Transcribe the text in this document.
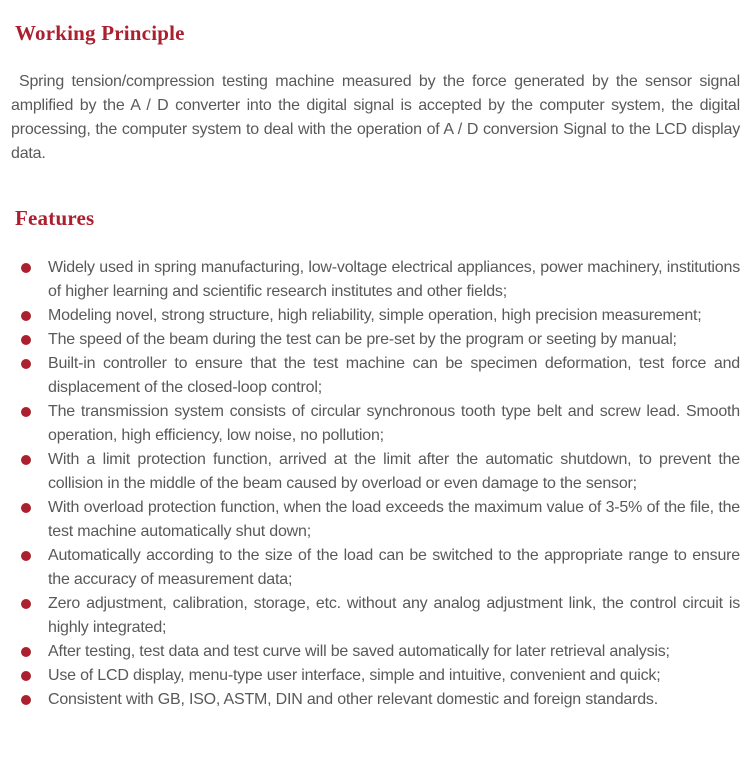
Working Principle

Spring tension/compression testing machine measured by the force generated by the sensor signal amplified by the A / D converter into the digital signal is accepted by the computer system, the digital processing, the computer system to deal with the operation of A / D conversion Signal to the LCD display data.

Features
Widely used in spring manufacturing, low-voltage electrical appliances, power machinery, institutions of higher learning and scientific research institutes and other fields;
Modeling novel, strong structure, high reliability, simple operation, high precision measurement;
The speed of the beam during the test can be pre-set by the program or seeting by manual;
Built-in controller to ensure that the test machine can be specimen deformation, test force and displacement of the closed-loop control;
The transmission system consists of circular synchronous tooth type belt and screw lead. Smooth operation, high efficiency, low noise, no pollution;
With a limit protection function, arrived at the limit after the automatic shutdown, to prevent the collision in the middle of the beam caused by overload or even damage to the sensor;
With overload protection function, when the load exceeds the maximum value of 3-5% of the file, the test machine automatically shut down;
Automatically according to the size of the load can be switched to the appropriate range to ensure the accuracy of measurement data;
Zero adjustment, calibration, storage, etc. without any analog adjustment link, the control circuit is highly integrated;
After testing, test data and test curve will be saved automatically for later retrieval analysis;
Use of LCD display, menu-type user interface, simple and intuitive, convenient and quick;
Consistent with GB, ISO, ASTM, DIN and other relevant domestic and foreign standards.
